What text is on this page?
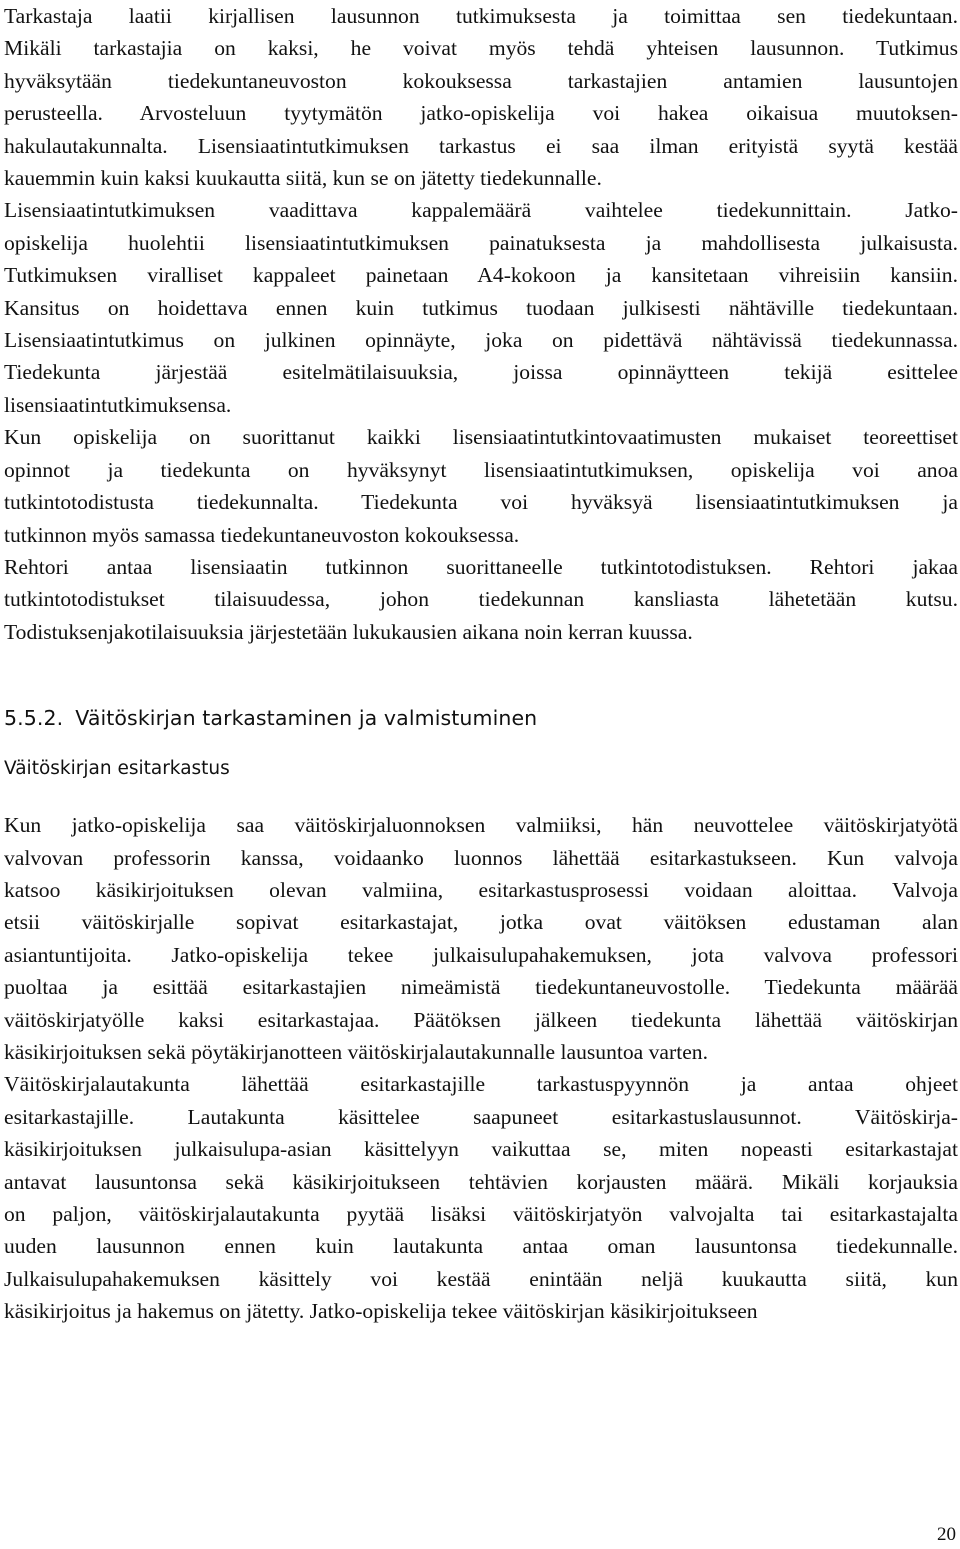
Tarkastaja laatii kirjallisen lausunnon tutkimuksesta ja toimittaa sen tiedekuntaan.
Mikäli tarkastajia on kaksi, he voivat myös tehdä yhteisen lausunnon. Tutkimus
hyväksytään tiedekuntaneuvoston kokouksessa tarkastajien antamien lausuntojen
perusteella. Arvosteluun tyytymätön jatko-opiskelija voi hakea oikaisua muutoksen-
hakulautakunnalta. Lisensiaatintutkimuksen tarkastus ei saa ilman erityistä syytä kestää
kauemmin kuin kaksi kuukautta siitä, kun se on jätetty tiedekunnalle.

Lisensiaatintutkimuksen vaadittava kappalemäärä vaihtelee tiedekunnittain. Jatko-
opiskelija huolehtii lisensiaatintutkimuksen painatuksesta ja mahdollisesta julkaisusta.
Tutkimuksen viralliset kappaleet painetaan A4-kokoon ja kansitetaan vihreisiin kansiin.
Kansitus on hoidettava ennen kuin tutkimus tuodaan julkisesti nähtäville tiedekuntaan.
Lisensiaatintutkimus on julkinen opinnäyte, joka on pidettävä nähtävissä tiedekunnassa.
Tiedekunta järjestää esitelmätilaisuuksia, joissa opinnäytteen tekijä esittelee
lisensiaatintutkimuksensa.

Kun opiskelija on suorittanut kaikki lisensiaatintutkintovaatimusten mukaiset teoreettiset
opinnot ja tiedekunta on hyväksynyt lisensiaatintutkimuksen, opiskelija voi anoa
tutkintotodistusta tiedekunnalta. Tiedekunta voi hyväksyä lisensiaatintutkimuksen ja
tutkinnon myös samassa tiedekuntaneuvoston kokouksessa.

Rehtori antaa lisensiaatin tutkinnon suorittaneelle tutkintotodistuksen. Rehtori jakaa
tutkintotodistukset tilaisuudessa, johon tiedekunnan kansliasta lähetetään kutsu.
Todistuksenjakotilaisuuksia järjestetään lukukausien aikana noin kerran kuussa.

5.5.2. Väitöskirjan tarkastaminen ja valmistuminen
Väitöskirjan esitarkastus

Kun jatko-opiskelija saa väitöskirjaluonnoksen valmiiksi, hän neuvottelee väitöskirjatyötä
valvovan professorin kanssa, voidaanko luonnos lähettää esitarkastukseen. Kun valvoja
katsoo käsikirjoituksen olevan valmiina, esitarkastusprosessi voidaan aloittaa. Valvoja
etsii väitöskirjalle sopivat esitarkastajat, jotka ovat väitöksen edustaman alan
asiantuntijoita. Jatko-opiskelija tekee julkaisulupahakemuksen, jota valvova professori
puoltaa ja esittää esitarkastajien nimeämistä tiedekuntaneuvostolle. Tiedekunta määrää
väitöskirjatyölle kaksi esitarkastajaa. Päätöksen jälkeen tiedekunta lähettää väitöskirjan
käsikirjoituksen sekä pöytäkirjanotteen väitöskirjalautakunnalle lausuntoa varten.

Väitöskirjalautakunta lähettää esitarkastajille tarkastuspyynnön ja antaa ohjeet
esitarkastajille. Lautakunta käsittelee saapuneet esitarkastuslausunnot. Väitöskirja-
käsikirjoituksen julkaisulupa-asian käsittelyyn vaikuttaa se, miten nopeasti esitarkastajat
antavat lausuntonsa sekä käsikirjoitukseen tehtävien korjausten määrä. Mikäli korjauksia
on paljon, väitöskirjalautakunta pyytää lisäksi väitöskirjatyön valvojalta tai esitarkastajalta
uuden lausunnon ennen kuin lautakunta antaa oman lausuntonsa tiedekunnalle.
Julkaisulupahakemuksen käsittely voi kestää enintään neljä kuukautta siitä, kun
käsikirjoitus ja hakemus on jätetty. Jatko-opiskelija tekee väitöskirjan käsikirjoitukseen

20
